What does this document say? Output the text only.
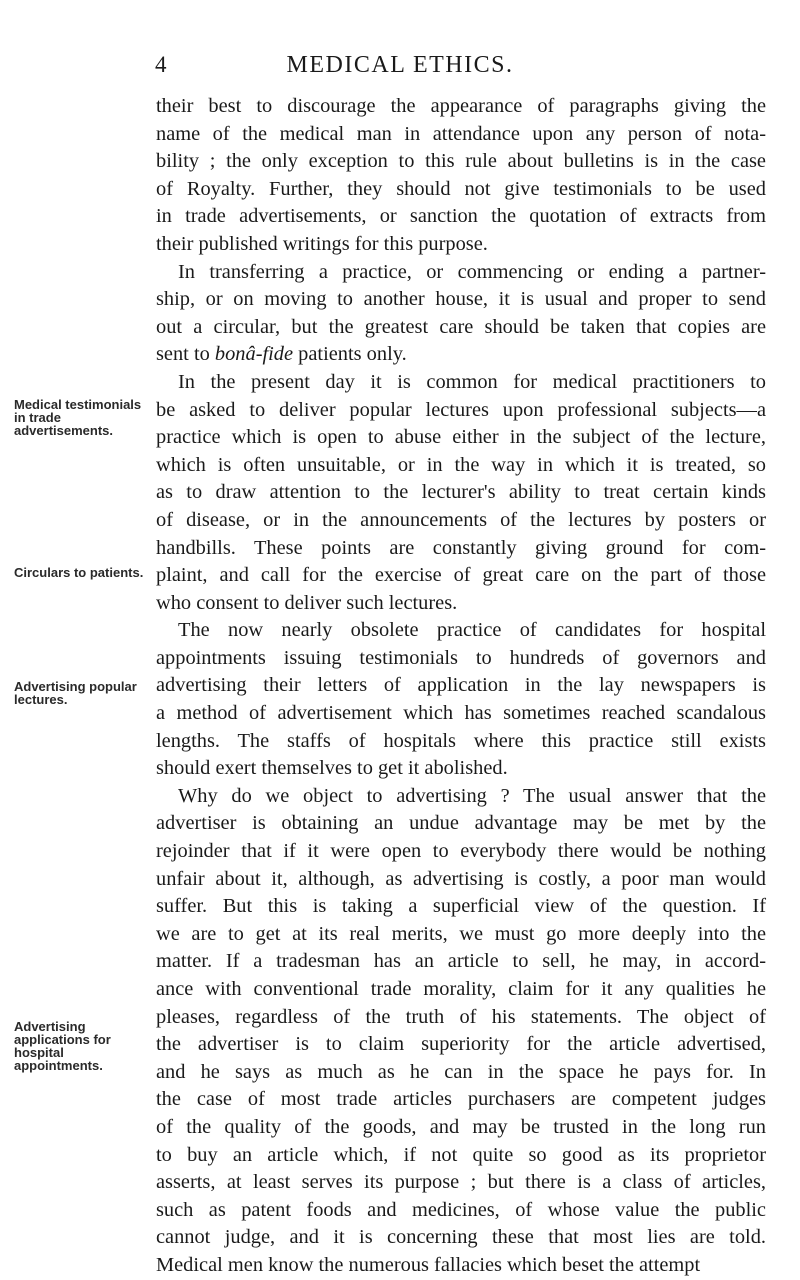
4	MEDICAL ETHICS.
Medical testimonials in trade advertisements.
Circulars to patients.
Advertising popular lectures.
Advertising applications for hospital appointments.
their best to discourage the appearance of paragraphs giving the
name of the medical man in attendance upon any person of nota-
bility ; the only exception to this rule about bulletins is in the case
of Royalty. Further, they should not give testimonials to be used
in trade advertisements, or sanction the quotation of extracts from
their published writings for this purpose.
In transferring a practice, or commencing or ending a partner-
ship, or on moving to another house, it is usual and proper to send
out a circular, but the greatest care should be taken that copies are
sent to bonâ-fide patients only.
In the present day it is common for medical practitioners to
be asked to deliver popular lectures upon professional subjects—a
practice which is open to abuse either in the subject of the lecture,
which is often unsuitable, or in the way in which it is treated, so
as to draw attention to the lecturer's ability to treat certain kinds
of disease, or in the announcements of the lectures by posters or
handbills. These points are constantly giving ground for com-
plaint, and call for the exercise of great care on the part of those
who consent to deliver such lectures.
The now nearly obsolete practice of candidates for hospital
appointments issuing testimonials to hundreds of governors and
advertising their letters of application in the lay newspapers is
a method of advertisement which has sometimes reached scandalous
lengths. The staffs of hospitals where this practice still exists
should exert themselves to get it abolished.
Why do we object to advertising ? The usual answer that the
advertiser is obtaining an undue advantage may be met by the
rejoinder that if it were open to everybody there would be nothing
unfair about it, although, as advertising is costly, a poor man would
suffer. But this is taking a superficial view of the question. If
we are to get at its real merits, we must go more deeply into the
matter. If a tradesman has an article to sell, he may, in accord-
ance with conventional trade morality, claim for it any qualities he
pleases, regardless of the truth of his statements. The object of
the advertiser is to claim superiority for the article advertised,
and he says as much as he can in the space he pays for. In
the case of most trade articles purchasers are competent judges
of the quality of the goods, and may be trusted in the long run
to buy an article which, if not quite so good as its proprietor
asserts, at least serves its purpose ; but there is a class of articles,
such as patent foods and medicines, of whose value the public
cannot judge, and it is concerning these that most lies are told.
Medical men know the numerous fallacies which beset the attempt
